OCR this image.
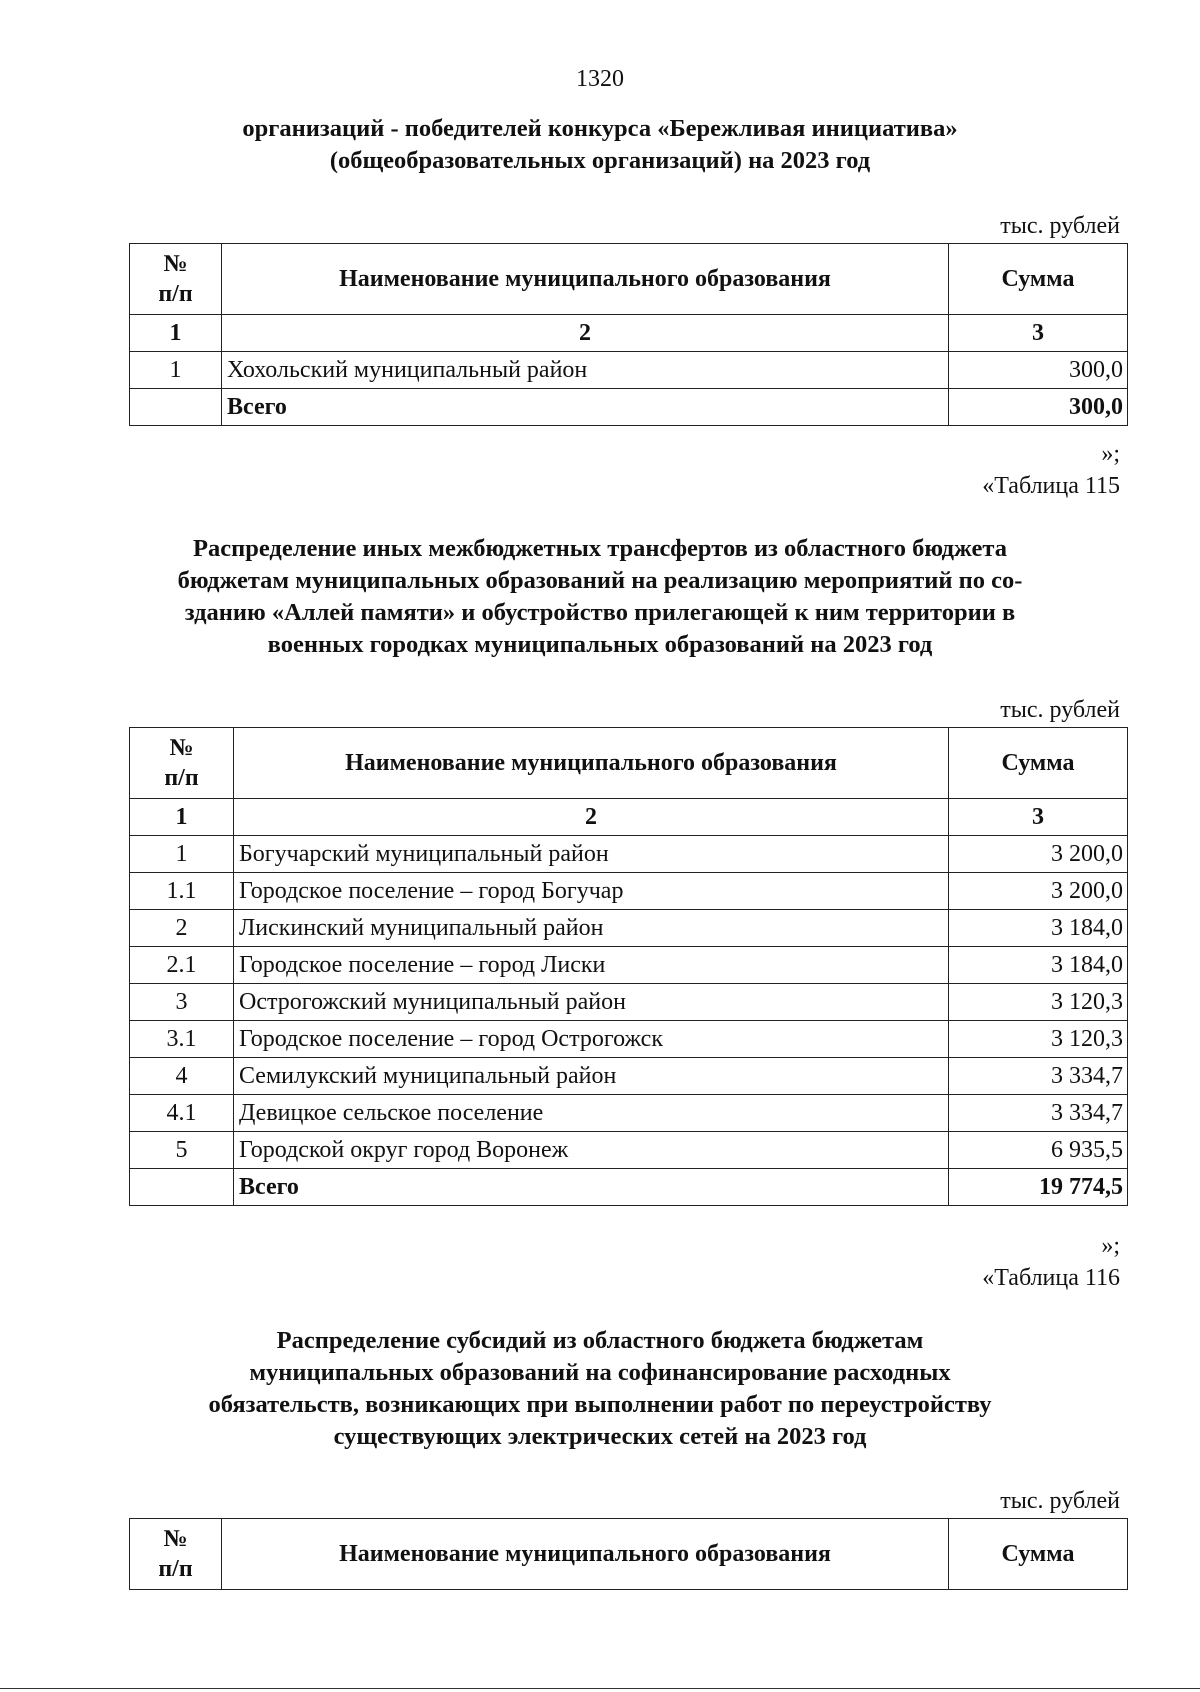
1320
организаций - победителей конкурса «Бережливая инициатива»
(общеобразовательных организаций) на 2023 год
тыс. рублей
№
п/п	Наименование муниципального образования	Сумма
1	2	3
1	Хохольский муниципальный район	300,0
	Всего	300,0
»;
«Таблица 115
Распределение иных межбюджетных трансфертов из областного бюджета
бюджетам муниципальных образований на реализацию мероприятий по со-
зданию «Аллей памяти» и обустройство прилегающей к ним территории в
военных городках муниципальных образований на 2023 год
тыс. рублей
№
п/п	Наименование муниципального образования	Сумма
1	2	3
1	Богучарский муниципальный район	3 200,0
1.1	Городское поселение – город Богучар	3 200,0
2	Лискинский муниципальный район	3 184,0
2.1	Городское поселение – город Лиски	3 184,0
3	Острогожский муниципальный район	3 120,3
3.1	Городское поселение – город Острогожск	3 120,3
4	Семилукский муниципальный район	3 334,7
4.1	Девицкое сельское поселение	3 334,7
5	Городской округ город Воронеж	6 935,5
	Всего	19 774,5
»;
«Таблица 116
Распределение субсидий из областного бюджета бюджетам
муниципальных образований на софинансирование расходных
обязательств, возникающих при выполнении работ по переустройству
существующих электрических сетей на 2023 год
тыс. рублей
№
п/п	Наименование муниципального образования	Сумма
